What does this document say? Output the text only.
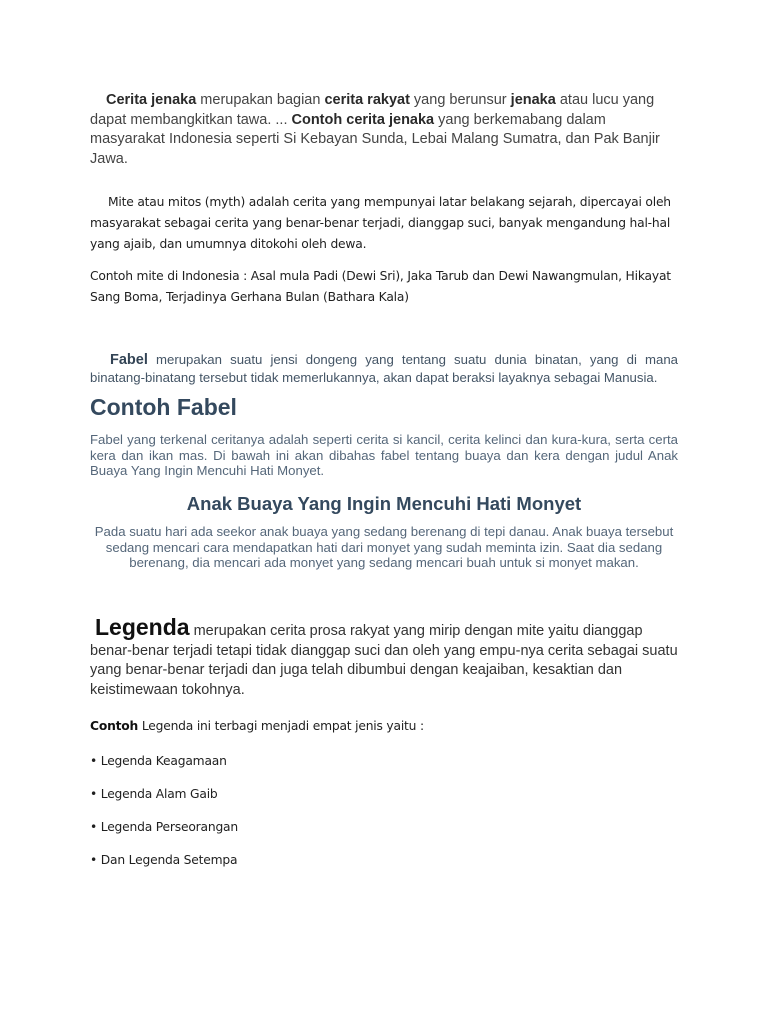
Cerita jenaka merupakan bagian cerita rakyat yang berunsur jenaka atau lucu yang dapat membangkitkan tawa. ... Contoh cerita jenaka yang berkemabang dalam masyarakat Indonesia seperti Si Kebayan Sunda, Lebai Malang Sumatra, dan Pak Banjir Jawa.

Mite atau mitos (myth) adalah cerita yang mempunyai latar belakang sejarah, dipercayai oleh masyarakat sebagai cerita yang benar-benar terjadi, dianggap suci, banyak mengandung hal-hal yang ajaib, dan umumnya ditokohi oleh dewa.

Contoh mite di Indonesia : Asal mula Padi (Dewi Sri), Jaka Tarub dan Dewi Nawangmulan, Hikayat Sang Boma, Terjadinya Gerhana Bulan (Bathara Kala)

Fabel merupakan suatu jensi dongeng yang tentang suatu dunia binatan, yang di mana binatang-binatang tersebut tidak memerlukannya, akan dapat beraksi layaknya sebagai Manusia.

Contoh Fabel

Fabel yang terkenal ceritanya adalah seperti cerita si kancil, cerita kelinci dan kura-kura, serta certa kera dan ikan mas. Di bawah ini akan dibahas fabel tentang buaya dan kera dengan judul Anak Buaya Yang Ingin Mencuhi Hati Monyet.

Anak Buaya Yang Ingin Mencuhi Hati Monyet

Pada suatu hari ada seekor anak buaya yang sedang berenang di tepi danau. Anak buaya tersebut sedang mencari cara mendapatkan hati dari monyet yang sudah meminta izin. Saat dia sedang berenang, dia mencari ada monyet yang sedang mencari buah untuk si monyet makan.

Legenda merupakan cerita prosa rakyat yang mirip dengan mite yaitu dianggap benar-benar terjadi tetapi tidak dianggap suci dan oleh yang empu-nya cerita sebagai suatu yang benar-benar terjadi dan juga telah dibumbui dengan keajaiban, kesaktian dan keistimewaan tokohnya.

Contoh Legenda ini terbagi menjadi empat jenis yaitu :

• Legenda Keagamaan

• Legenda Alam Gaib

• Legenda Perseorangan

• Dan Legenda Setempa
